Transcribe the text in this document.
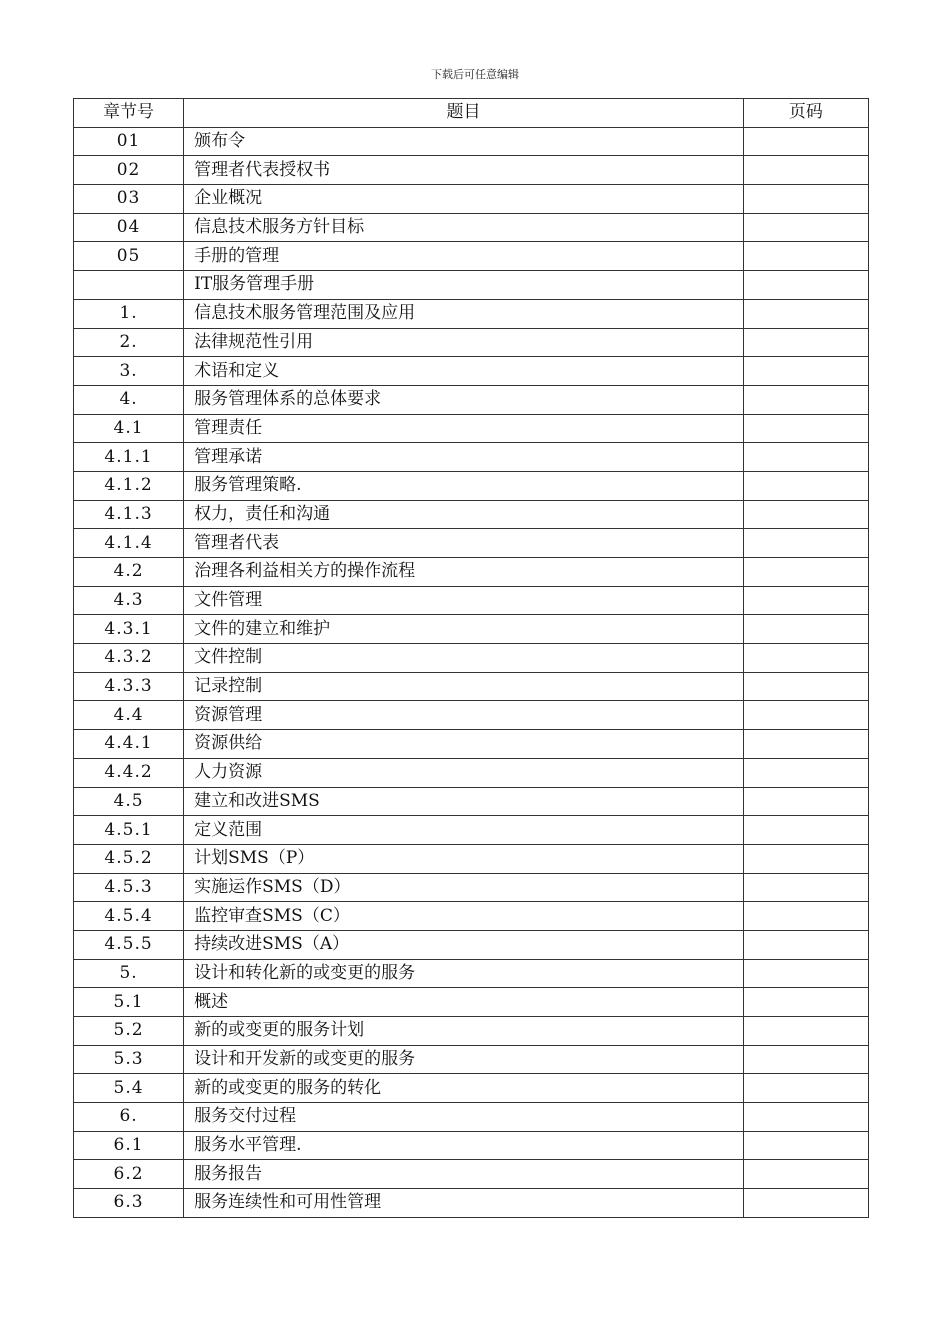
下载后可任意编辑
章节号	题目	页码
01	颁布令	
02	管理者代表授权书	
03	企业概况	
04	信息技术服务方针目标	
05	手册的管理	
	IT服务管理手册	
1.	信息技术服务管理范围及应用	
2.	法律规范性引用	
3.	术语和定义	
4.	服务管理体系的总体要求	
4.1	管理责任	
4.1.1	管理承诺	
4.1.2	服务管理策略.	
4.1.3	权力，责任和沟通	
4.1.4	管理者代表	
4.2	治理各利益相关方的操作流程	
4.3	文件管理	
4.3.1	文件的建立和维护	
4.3.2	文件控制	
4.3.3	记录控制	
4.4	资源管理	
4.4.1	资源供给	
4.4.2	人力资源	
4.5	建立和改进SMS	
4.5.1	定义范围	
4.5.2	计划SMS（P）	
4.5.3	实施运作SMS（D）	
4.5.4	监控审查SMS（C）	
4.5.5	持续改进SMS（A）	
5.	设计和转化新的或变更的服务	
5.1	概述	
5.2	新的或变更的服务计划	
5.3	设计和开发新的或变更的服务	
5.4	新的或变更的服务的转化	
6.	服务交付过程	
6.1	服务水平管理.	
6.2	服务报告	
6.3	服务连续性和可用性管理	
